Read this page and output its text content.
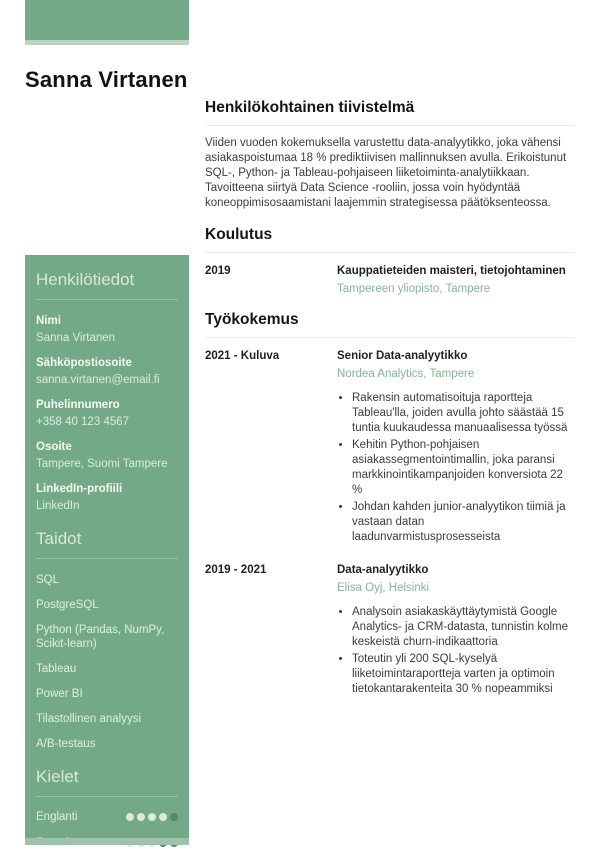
Sanna Virtanen
Henkilötiedot
Nimi
Sanna Virtanen
Sähköpostiosoite
sanna.virtanen@email.fi
Puhelinnumero
+358 40 123 4567
Osoite
Tampere, Suomi Tampere
LinkedIn-profiili
LinkedIn
Taidot
SQL
PostgreSQL
Python (Pandas, NumPy, Scikit-learn)
Tableau
Power BI
Tilastollinen analyysi
A/B-testaus
Kielet
Englanti
Henkilökohtainen tiivistelmä

Viiden vuoden kokemuksella varustettu data-analyytikko, joka vähensi asiakaspoistumaa 18 % prediktiivisen mallinnuksen avulla. Erikoistunut SQL-, Python- ja Tableau-pohjaiseen liiketoiminta-analytiikkaan. Tavoitteena siirtyä Data Science -rooliin, jossa voin hyödyntää koneoppimisosaamistani laajemmin strategisessa päätöksenteossa.

Koulutus
2019	Kauppatieteiden maisteri, tietojohtaminen
Tampereen yliopisto, Tampere
Työkokemus
2021 - Kuluva	Senior Data-analyytikko
Nordea Analytics, Tampere
• Rakensin automatisoituja raportteja Tableau'lla, joiden avulla johto säästää 15 tuntia kuukaudessa manuaalisessa työssä
• Kehitin Python-pohjaisen asiakassegmentointimallin, joka paransi markkinointikampanjoiden konversiota 22 %
• Johdan kahden junior-analyytikon tiimiä ja vastaan datan laadunvarmistusprosesseista
2019 - 2021	Data-analyytikko
Elisa Oyj, Helsinki
• Analysoin asiakaskäyttäytymistä Google Analytics- ja CRM-datasta, tunnistin kolme keskeistä churn-indikaattoria
• Toteutin yli 200 SQL-kyselyä liiketoimintaraportteja varten ja optimoin tietokantarakenteita 30 % nopeammiksi
